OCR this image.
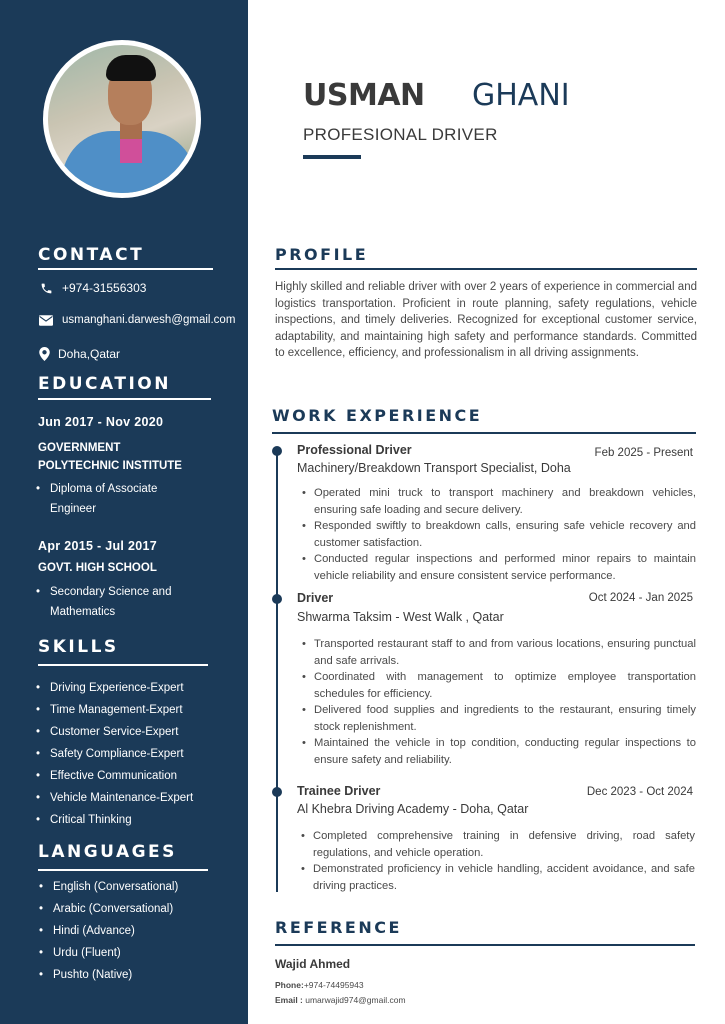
CONTACT
+974-31556303
usmanghani.darwesh@gmail.com
Doha,Qatar
EDUCATION
Jun 2017 - Nov 2020
GOVERNMENT
POLYTECHNIC INSTITUTE
• Diploma of Associate
Engineer
Apr 2015 - Jul 2017
GOVT. HIGH SCHOOL
• Secondary Science and
Mathematics
SKILLS
• Driving Experience-Expert
• Time Management-Expert
• Customer Service-Expert
• Safety Compliance-Expert
• Effective Communication
• Vehicle Maintenance-Expert
• Critical Thinking
LANGUAGES
• English (Conversational)
• Arabic (Conversational)
• Hindi (Advance)
• Urdu (Fluent)
• Pushto (Native)
USMAN GHANI
PROFESIONAL DRIVER
PROFILE
Highly skilled and reliable driver with over 2 years of experience in commercial and logistics transportation. Proficient in route planning, safety regulations, vehicle inspections, and timely deliveries. Recognized for exceptional customer service, adaptability, and maintaining high safety and performance standards. Committed to excellence, efficiency, and professionalism in all driving assignments.
WORK EXPERIENCE
Professional Driver	Feb 2025 - Present
Machinery/Breakdown Transport Specialist, Doha
• Operated mini truck to transport machinery and breakdown vehicles, ensuring safe loading and secure delivery.
• Responded swiftly to breakdown calls, ensuring safe vehicle recovery and customer satisfaction.
• Conducted regular inspections and performed minor repairs to maintain vehicle reliability and ensure consistent service performance.
Driver	Oct 2024 - Jan 2025
Shwarma Taksim - West Walk , Qatar
• Transported restaurant staff to and from various locations, ensuring punctual and safe arrivals.
• Coordinated with management to optimize employee transportation schedules for efficiency.
• Delivered food supplies and ingredients to the restaurant, ensuring timely stock replenishment.
• Maintained the vehicle in top condition, conducting regular inspections to ensure safety and reliability.
Trainee Driver	Dec 2023 - Oct 2024
Al Khebra Driving Academy - Doha, Qatar
• Completed comprehensive training in defensive driving, road safety regulations, and vehicle operation.
• Demonstrated proficiency in vehicle handling, accident avoidance, and safe driving practices.
REFERENCE
Wajid Ahmed
Phone:+974-74495943
Email : umarwajid974@gmail.com
